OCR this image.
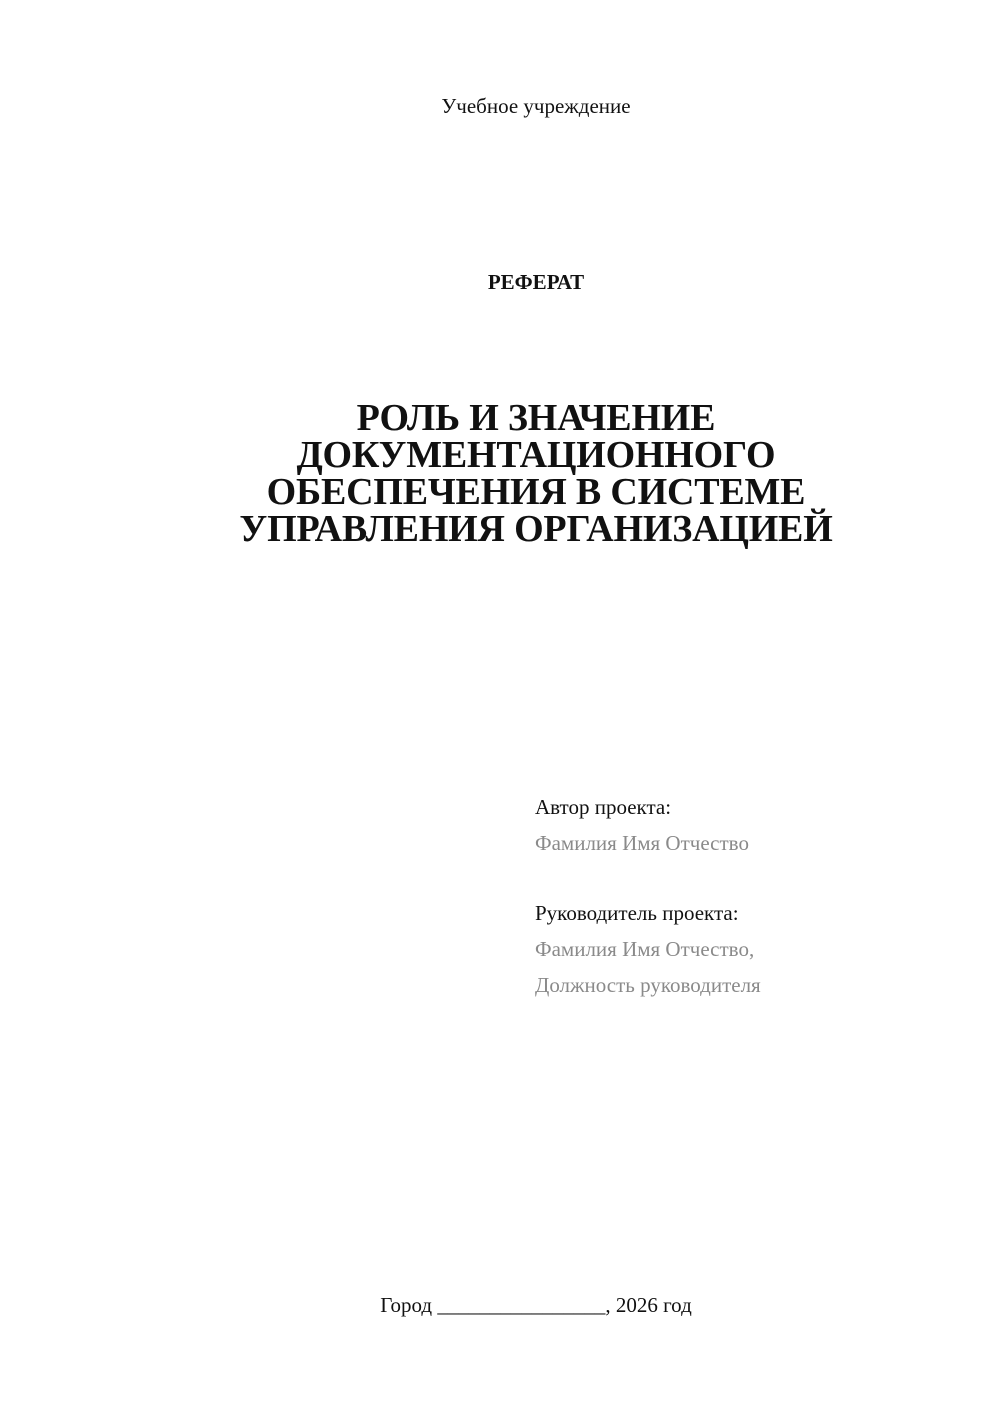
Учебное учреждение
РЕФЕРАТ
РОЛЬ И ЗНАЧЕНИЕ
ДОКУМЕНТАЦИОННОГО
ОБЕСПЕЧЕНИЯ В СИСТЕМЕ
УПРАВЛЕНИЯ ОРГАНИЗАЦИЕЙ
Автор проекта:
Фамилия Имя Отчество
Руководитель проекта:
Фамилия Имя Отчество,
Должность руководителя
Город ________________, 2026 год
